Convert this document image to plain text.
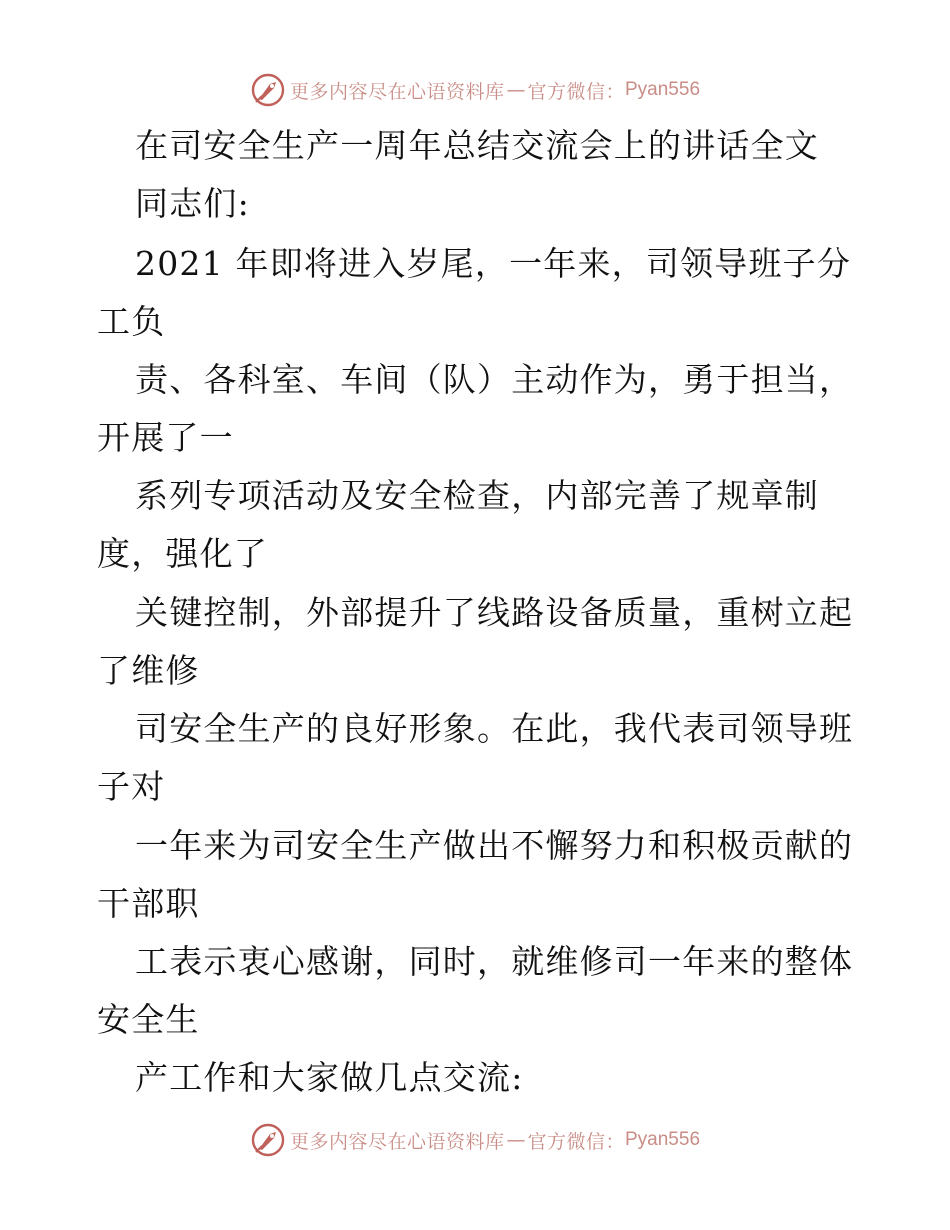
更多内容尽在心语资料库 — 官方微信： Pyan556
在司安全生产一周年总结交流会上的讲话全文
同志们:
2021 年即将进入岁尾，一年来，司领导班子分
工负
责、各科室、车间（队）主动作为，勇于担当，
开展了一
系列专项活动及安全检查，内部完善了规章制
度，强化了
关键控制，外部提升了线路设备质量，重树立起
了维修
司安全生产的良好形象。在此，我代表司领导班
子对
一年来为司安全生产做出不懈努力和积极贡献的
干部职
工表示衷心感谢，同时，就维修司一年来的整体
安全生
产工作和大家做几点交流:
更多内容尽在心语资料库 — 官方微信： Pyan556
